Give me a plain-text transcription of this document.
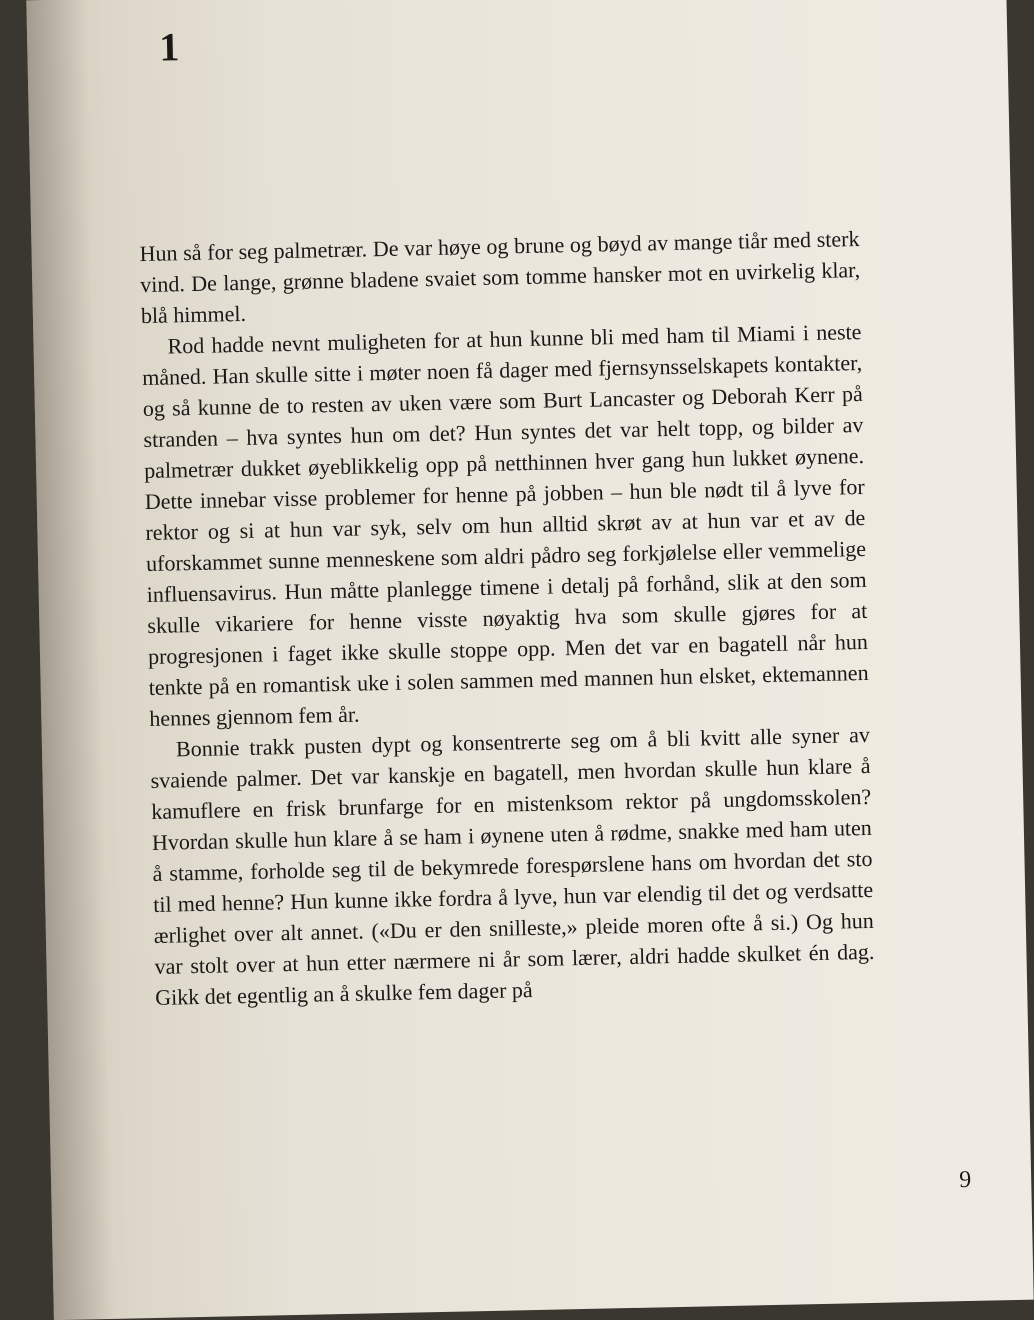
1

Hun så for seg palmetrær. De var høye og brune og bøyd av mange tiår med sterk vind. De lange, grønne bladene svaiet som tomme hansker mot en uvirkelig klar, blå himmel.

Rod hadde nevnt muligheten for at hun kunne bli med ham til Miami i neste måned. Han skulle sitte i møter noen få dager med fjernsynsselskapets kontakter, og så kunne de to resten av uken være som Burt Lancaster og Deborah Kerr på stranden – hva syntes hun om det? Hun syntes det var helt topp, og bilder av palmetrær dukket øyeblikkelig opp på netthinnen hver gang hun lukket øynene. Dette innebar visse problemer for henne på jobben – hun ble nødt til å lyve for rektor og si at hun var syk, selv om hun alltid skrøt av at hun var et av de uforskammet sunne menneskene som aldri pådro seg forkjølelse eller vemmelige influensavirus. Hun måtte planlegge timene i detalj på forhånd, slik at den som skulle vikariere for henne visste nøyaktig hva som skulle gjøres for at progresjonen i faget ikke skulle stoppe opp. Men det var en bagatell når hun tenkte på en romantisk uke i solen sammen med mannen hun elsket, ektemannen hennes gjennom fem år.

Bonnie trakk pusten dypt og konsentrerte seg om å bli kvitt alle syner av svaiende palmer. Det var kanskje en bagatell, men hvordan skulle hun klare å kamuflere en frisk brunfarge for en mistenksom rektor på ungdomsskolen? Hvordan skulle hun klare å se ham i øynene uten å rødme, snakke med ham uten å stamme, forholde seg til de bekymrede forespørslene hans om hvordan det sto til med henne? Hun kunne ikke fordra å lyve, hun var elendig til det og verdsatte ærlighet over alt annet. («Du er den snilleste,» pleide moren ofte å si.) Og hun var stolt over at hun etter nærmere ni år som lærer, aldri hadde skulket én dag. Gikk det egentlig an å skulke fem dager på

9
